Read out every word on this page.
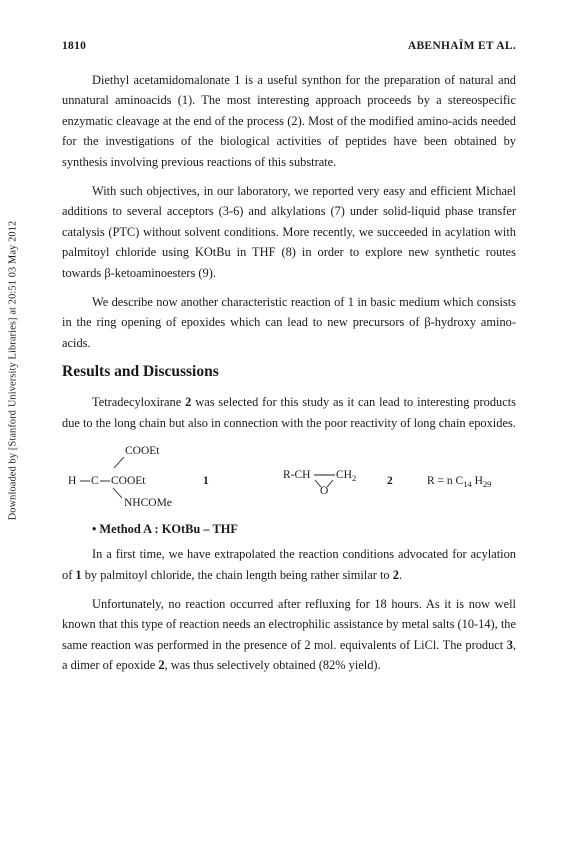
Downloaded by [Stanford University Libraries] at 20:51 03 May 2012
1810	ABENHAÏM ET AL.

Diethyl acetamidomalonate 1 is a useful synthon for the preparation of natural and unnatural aminoacids (1). The most interesting approach proceeds by a stereospecific enzymatic cleavage at the end of the process (2). Most of the modified amino-acids needed for the investigations of the biological activities of peptides have been obtained by synthesis involving previous reactions of this substrate.

With such objectives, in our laboratory, we reported very easy and efficient Michael additions to several acceptors (3-6) and alkylations (7) under solid-liquid phase transfer catalysis (PTC) without solvent conditions. More recently, we succeeded in acylation with palmitoyl chloride using KOtBu in THF (8) in order to explore new synthetic routes towards β-ketoaminoesters (9).

We describe now another characteristic reaction of 1 in basic medium which consists in the ring opening of epoxides which can lead to new precursors of β-hydroxy amino-acids.

Results and Discussions

Tetradecyloxirane 2 was selected for this study as it can lead to interesting products due to the long chain but also in connection with the poor reactivity of long chain epoxides.

COOEt
H C COOEt
NHCOMe
1	R-CH $CH_2$
O
2	R = n $C_{14}$ $H_{29}$
• Method A : KOtBu – THF

In a first time, we have extrapolated the reaction conditions advocated for acylation of 1 by palmitoyl chloride, the chain length being rather similar to 2.

Unfortunately, no reaction occurred after refluxing for 18 hours. As it is now well known that this type of reaction needs an electrophilic assistance by metal salts (10-14), the same reaction was performed in the presence of 2 mol. equivalents of LiCl. The product 3, a dimer of epoxide 2, was thus selectively obtained (82% yield).
